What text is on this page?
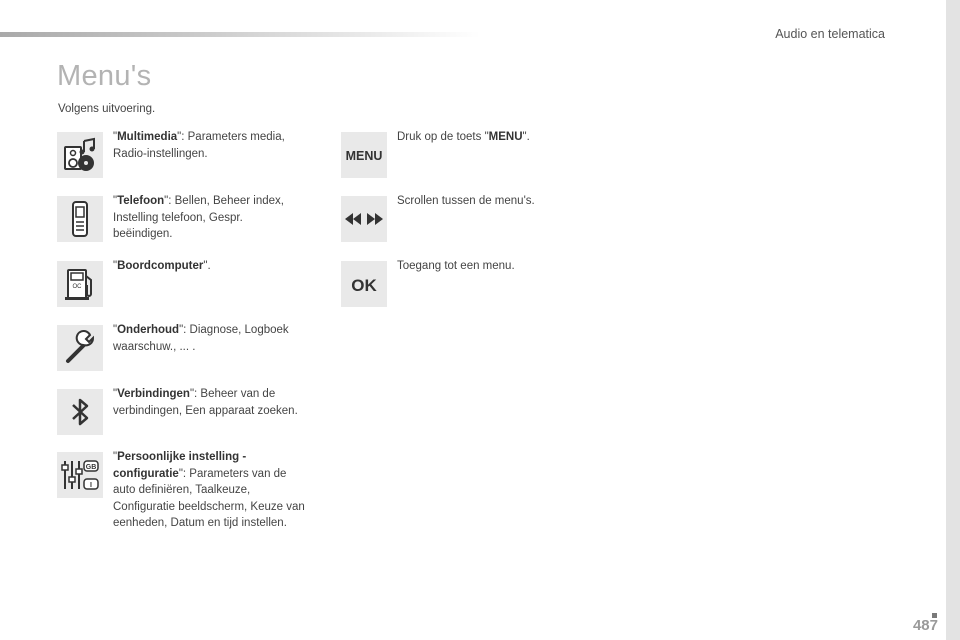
Audio en telematica
Menu's
Volgens uitvoering.
"Multimedia": Parameters media, Radio-instellingen.
"Telefoon": Bellen, Beheer index, Instelling telefoon, Gespr. beëindigen.
OC
"Boordcomputer".
"Onderhoud": Diagnose, Logboek waarschuw., ... .
"Verbindingen": Beheer van de verbindingen, Een apparaat zoeken.
GB
I
"Persoonlijke instelling - configuratie": Parameters van de auto definiëren, Taalkeuze, Configuratie beeldscherm, Keuze van eenheden, Datum en tijd instellen.
MENU
Druk op de toets "MENU".
Scrollen tussen de menu's.
OK
Toegang tot een menu.
487
